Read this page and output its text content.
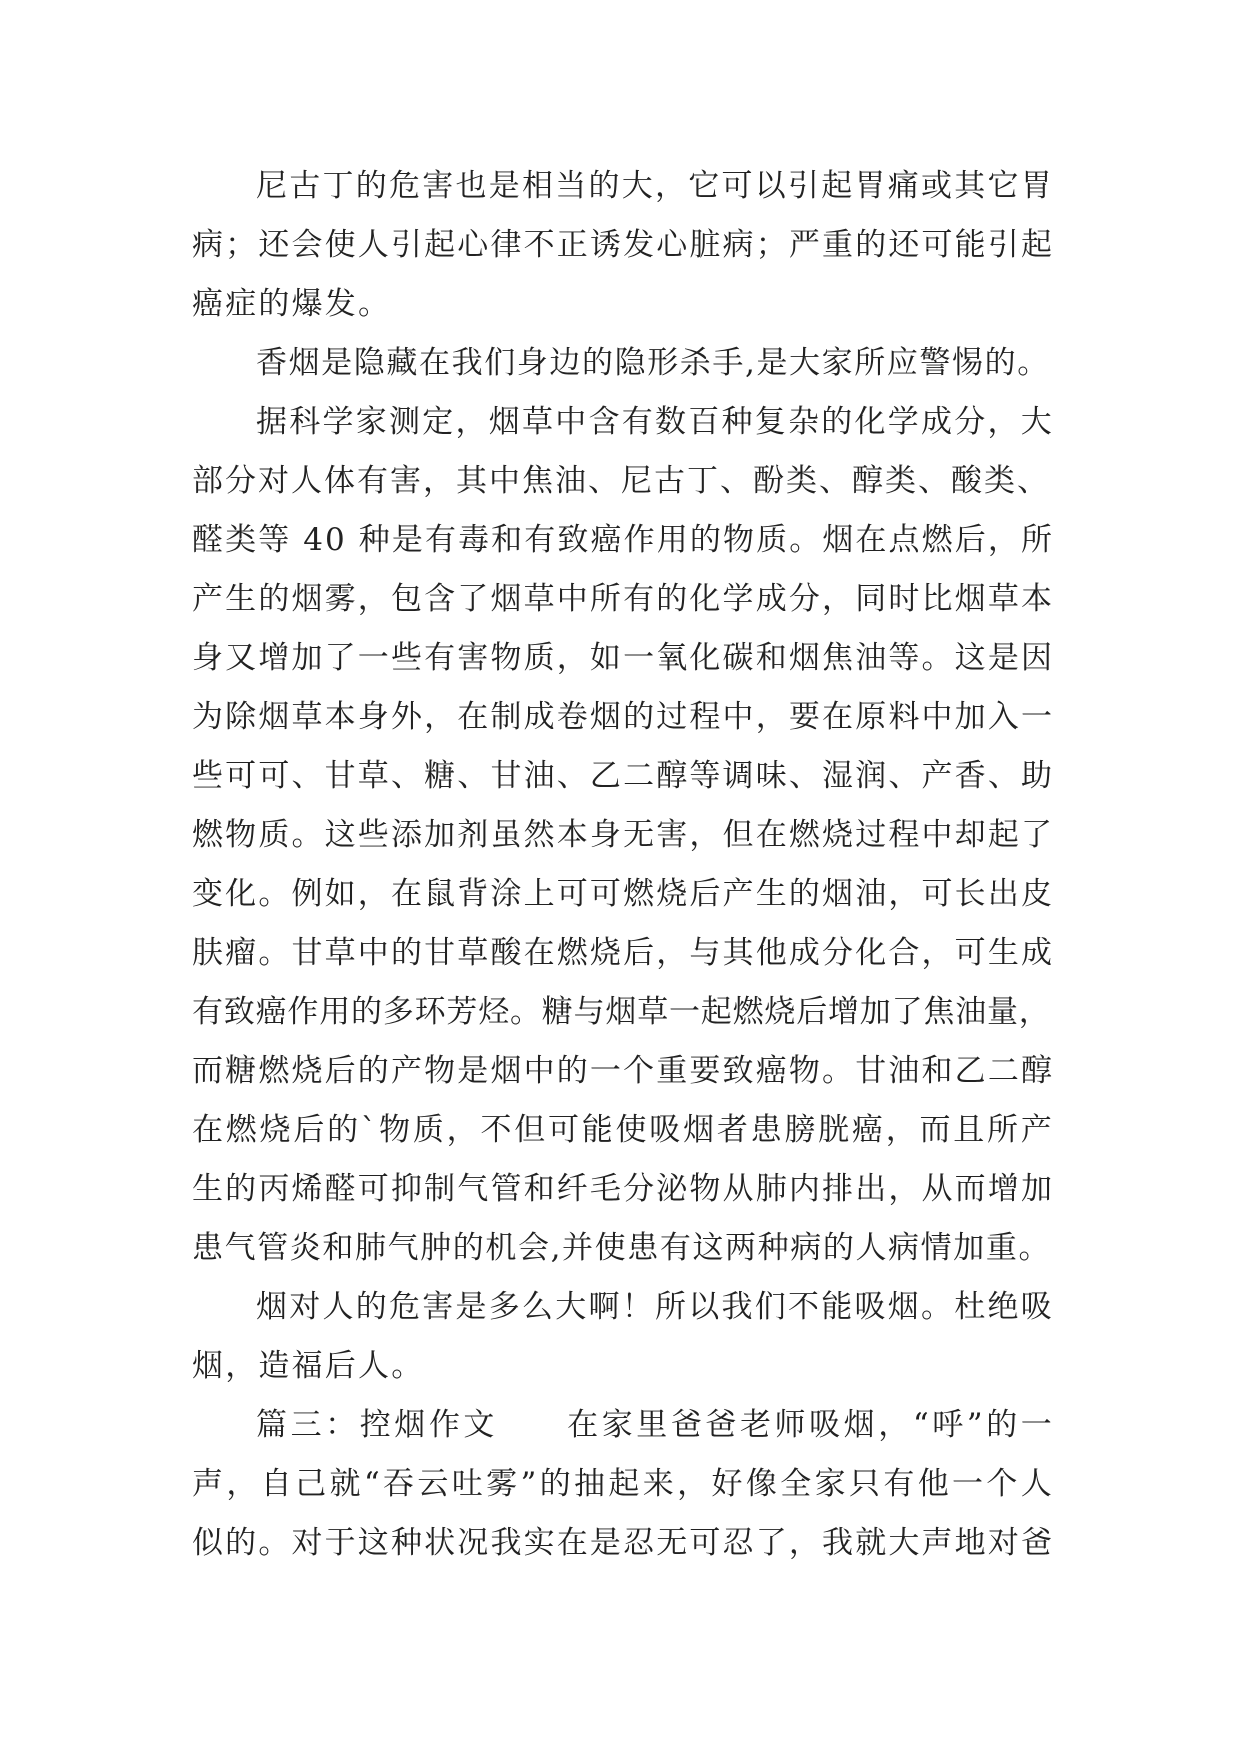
尼古丁的危害也是相当的大，它可以引起胃痛或其它胃
病；还会使人引起心律不正诱发心脏病；严重的还可能引起
癌症的爆发。
香烟是隐藏在我们身边的隐形杀手,是大家所应警惕的。
据科学家测定，烟草中含有数百种复杂的化学成分，大
部分对人体有害，其中焦油、尼古丁、酚类、醇类、酸类、
醛类等 40 种是有毒和有致癌作用的物质。烟在点燃后，所
产生的烟雾，包含了烟草中所有的化学成分，同时比烟草本
身又增加了一些有害物质，如一氧化碳和烟焦油等。这是因
为除烟草本身外，在制成卷烟的过程中，要在原料中加入一
些可可、甘草、糖、甘油、乙二醇等调味、湿润、产香、助
燃物质。这些添加剂虽然本身无害，但在燃烧过程中却起了
变化。例如，在鼠背涂上可可燃烧后产生的烟油，可长出皮
肤瘤。甘草中的甘草酸在燃烧后，与其他成分化合，可生成
有致癌作用的多环芳烃。糖与烟草一起燃烧后增加了焦油量，
而糖燃烧后的产物是烟中的一个重要致癌物。甘油和乙二醇
在燃烧后的`物质，不但可能使吸烟者患膀胱癌，而且所产
生的丙烯醛可抑制气管和纤毛分泌物从肺内排出，从而增加
患气管炎和肺气肿的机会,并使患有这两种病的人病情加重。
烟对人的危害是多么大啊！所以我们不能吸烟。杜绝吸
烟，造福后人。
篇三：控烟作文　　在家里爸爸老师吸烟，“呼”的一
声，自己就“吞云吐雾”的抽起来，好像全家只有他一个人
似的。对于这种状况我实在是忍无可忍了，我就大声地对爸
